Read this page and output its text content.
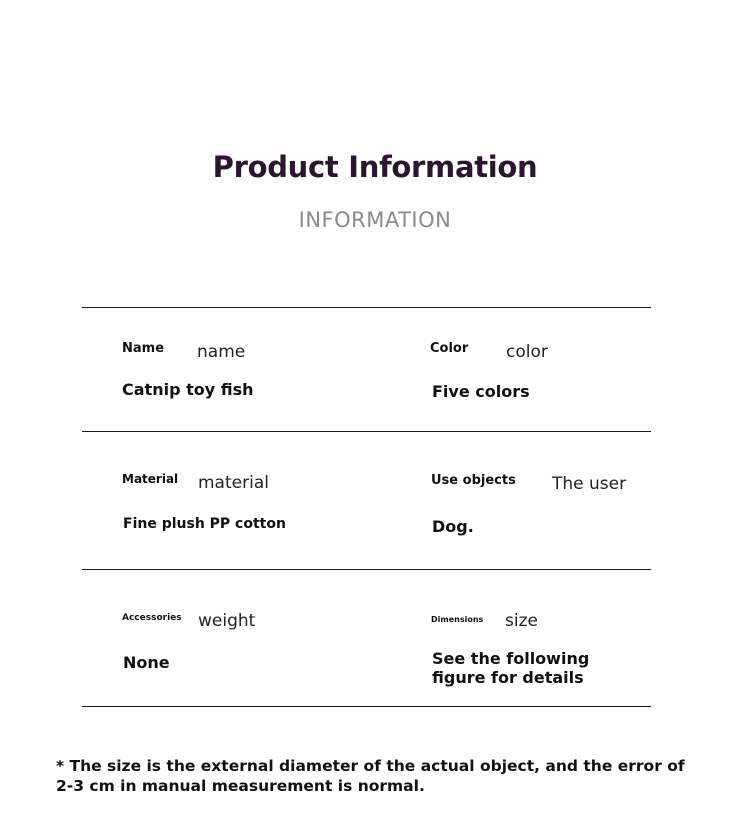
Product Information
INFORMATION
Name name
Catnip toy fish
Color color
Five colors
Material material
Fine plush PP cotton
Use objects The user
Dog.
Accessories weight
None
Dimensions size
See the following
figure for details
* The size is the external diameter of the actual object, and the error of 2-3 cm in manual measurement is normal.
